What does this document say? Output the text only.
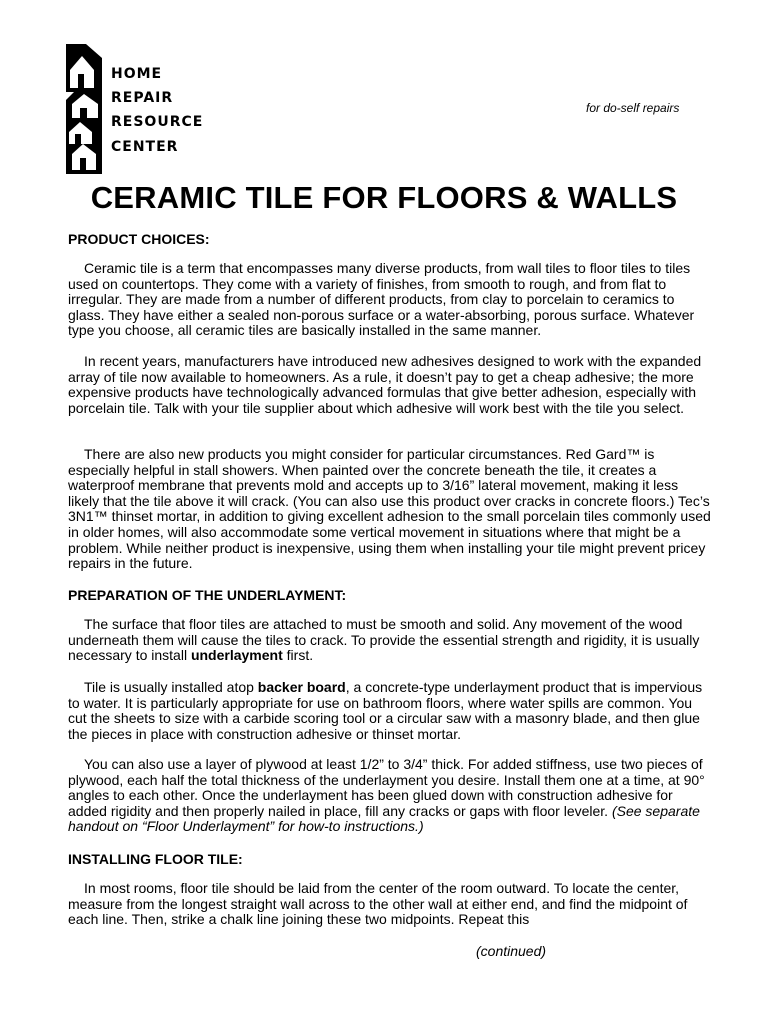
HOME
REPAIR
RESOURCE
CENTER
for do-self repairs
CERAMIC TILE FOR FLOORS & WALLS
PRODUCT CHOICES:

Ceramic tile is a term that encompasses many diverse products, from wall tiles to floor tiles to tiles used on countertops. They come with a variety of finishes, from smooth to rough, and from flat to irregular. They are made from a number of different products, from clay to porcelain to ceramics to glass. They have either a sealed non-porous surface or a water-absorbing, porous surface. Whatever type you choose, all ceramic tiles are basically installed in the same manner.

In recent years, manufacturers have introduced new adhesives designed to work with the expanded array of tile now available to homeowners. As a rule, it doesn’t pay to get a cheap adhesive; the more expensive products have technologically advanced formulas that give better adhesion, especially with porcelain tile. Talk with your tile supplier about which adhesive will work best with the tile you select.

There are also new products you might consider for particular circumstances. Red Gard™ is especially helpful in stall showers. When painted over the concrete beneath the tile, it creates a waterproof membrane that prevents mold and accepts up to 3/16” lateral movement, making it less likely that the tile above it will crack. (You can also use this product over cracks in concrete floors.) Tec’s 3N1™ thinset mortar, in addition to giving excellent adhesion to the small porcelain tiles commonly used in older homes, will also accommodate some vertical movement in situations where that might be a problem. While neither product is inexpensive, using them when installing your tile might prevent pricey repairs in the future.

PREPARATION OF THE UNDERLAYMENT:

The surface that floor tiles are attached to must be smooth and solid. Any movement of the wood underneath them will cause the tiles to crack. To provide the essential strength and rigidity, it is usually necessary to install underlayment first.

Tile is usually installed atop backer board, a concrete-type underlayment product that is impervious to water. It is particularly appropriate for use on bathroom floors, where water spills are common. You cut the sheets to size with a carbide scoring tool or a circular saw with a masonry blade, and then glue the pieces in place with construction adhesive or thinset mortar.

You can also use a layer of plywood at least 1/2” to 3/4” thick. For added stiffness, use two pieces of plywood, each half the total thickness of the underlayment you desire. Install them one at a time, at 90° angles to each other. Once the underlayment has been glued down with construction adhesive for added rigidity and then properly nailed in place, fill any cracks or gaps with floor leveler. (See separate handout on “Floor Underlayment” for how-to instructions.)

INSTALLING FLOOR TILE:

In most rooms, floor tile should be laid from the center of the room outward. To locate the center, measure from the longest straight wall across to the other wall at either end, and find the midpoint of each line. Then, strike a chalk line joining these two midpoints. Repeat this

(continued)
